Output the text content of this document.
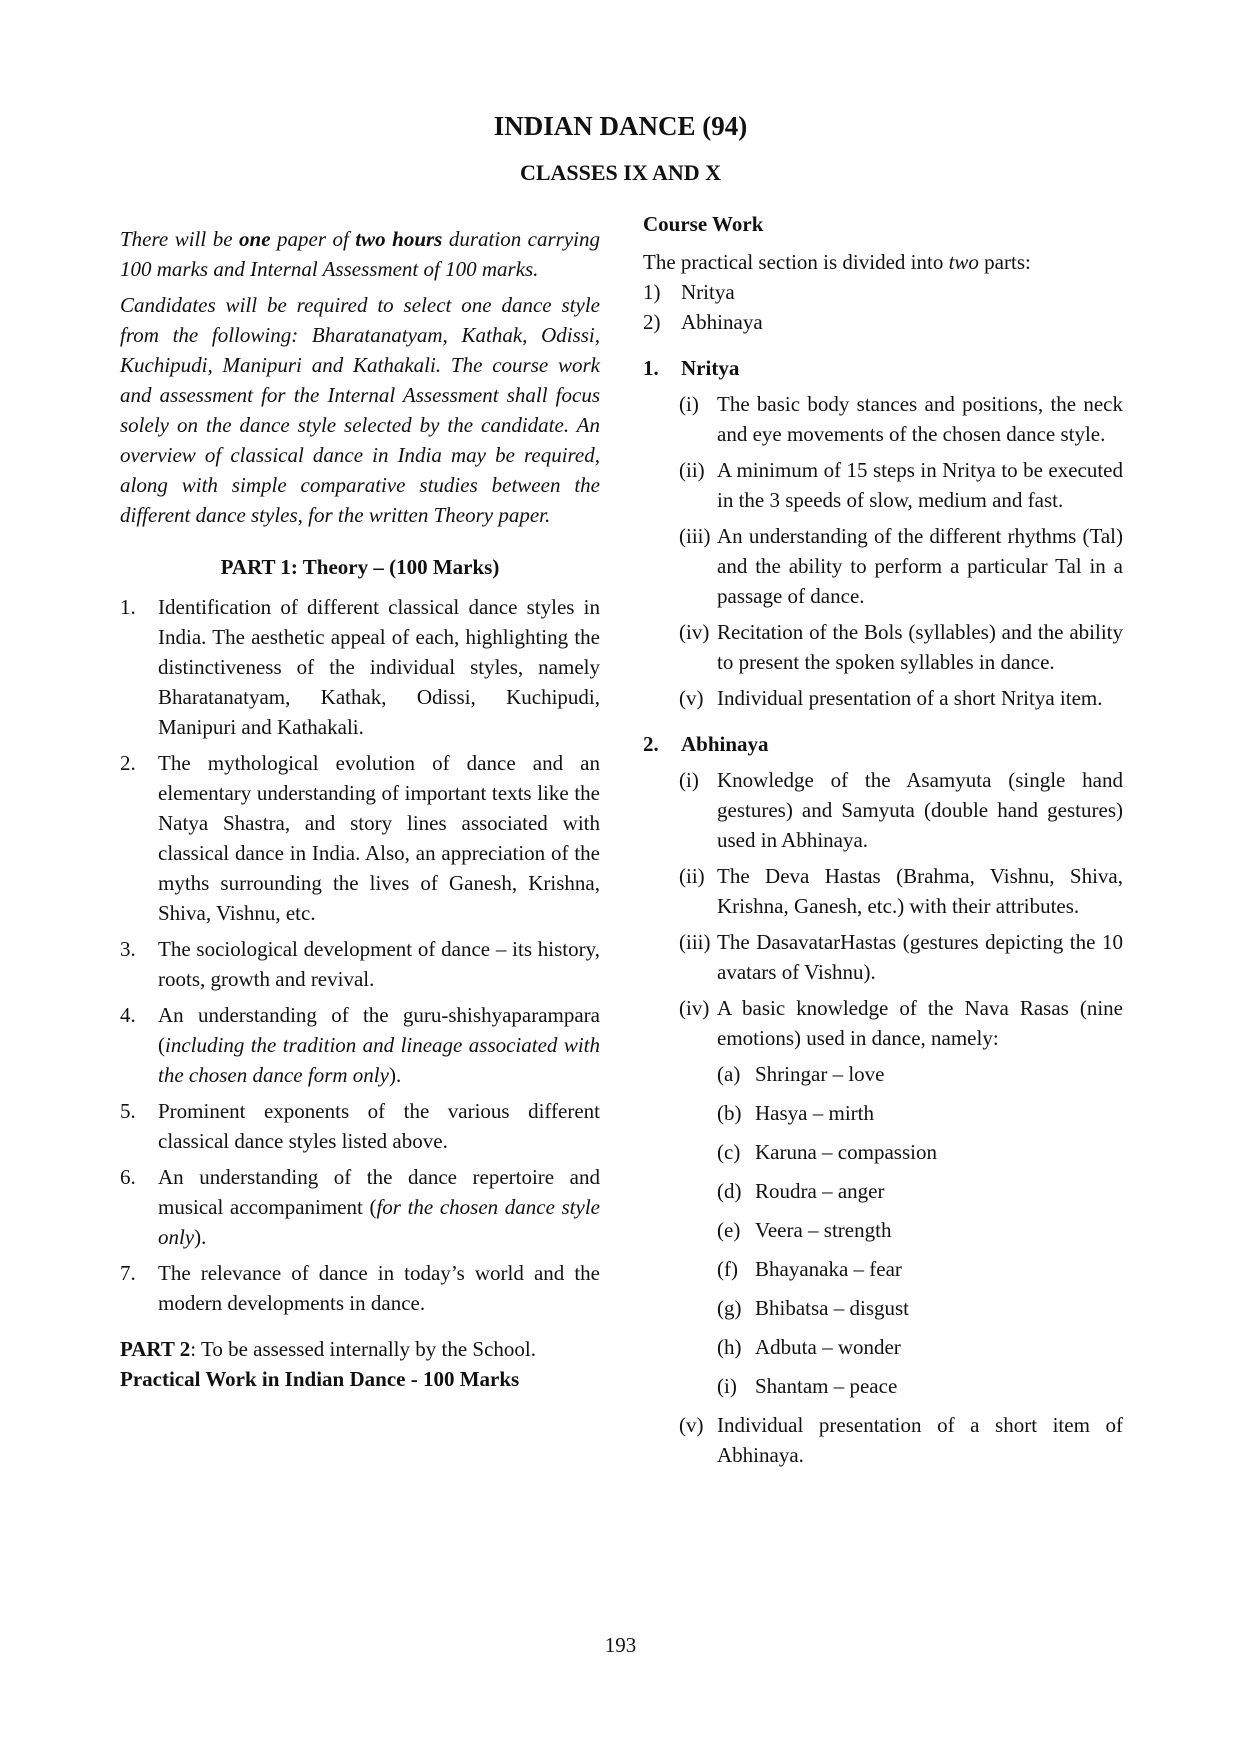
INDIAN DANCE (94)
CLASSES IX AND X

There will be one paper of two hours duration carrying 100 marks and Internal Assessment of 100 marks.

Candidates will be required to select one dance style from the following: Bharatanatyam, Kathak, Odissi, Kuchipudi, Manipuri and Kathakali. The course work and assessment for the Internal Assessment shall focus solely on the dance style selected by the candidate. An overview of classical dance in India may be required, along with simple comparative studies between the different dance styles, for the written Theory paper.

PART 1: Theory – (100 Marks)
1.	Identification of different classical dance styles in India. The aesthetic appeal of each, highlighting the distinctiveness of the individual styles, namely Bharatanatyam, Kathak, Odissi, Kuchipudi, Manipuri and Kathakali.
2.	The mythological evolution of dance and an elementary understanding of important texts like the Natya Shastra, and story lines associated with classical dance in India. Also, an appreciation of the myths surrounding the lives of Ganesh, Krishna, Shiva, Vishnu, etc.
3.	The sociological development of dance – its history, roots, growth and revival.
4.	An understanding of the guru-shishyaparampara (including the tradition and lineage associated with the chosen dance form only).
5.	Prominent exponents of the various different classical dance styles listed above.
6.	An understanding of the dance repertoire and musical accompaniment (for the chosen dance style only).
7.	The relevance of dance in today’s world and the modern developments in dance.

PART 2: To be assessed internally by the School.

Practical Work in Indian Dance - 100 Marks

Course Work

The practical section is divided into two parts:

1) Nritya
2) Abhinaya
1.	Nritya
(i) The basic body stances and positions, the neck and eye movements of the chosen dance style.
(ii) A minimum of 15 steps in Nritya to be executed in the 3 speeds of slow, medium and fast.
(iii) An understanding of the different rhythms (Tal) and the ability to perform a particular Tal in a passage of dance.
(iv) Recitation of the Bols (syllables) and the ability to present the spoken syllables in dance.
(v) Individual presentation of a short Nritya item.
2.	Abhinaya
(i) Knowledge of the Asamyuta (single hand gestures) and Samyuta (double hand gestures) used in Abhinaya.
(ii) The Deva Hastas (Brahma, Vishnu, Shiva, Krishna, Ganesh, etc.) with their attributes.
(iii) The DasavatarHastas (gestures depicting the 10 avatars of Vishnu).
(iv) A basic knowledge of the Nava Rasas (nine emotions) used in dance, namely:
(a) Shringar – love
(b) Hasya – mirth
(c) Karuna – compassion
(d) Roudra – anger
(e) Veera – strength
(f) Bhayanaka – fear
(g) Bhibatsa – disgust
(h) Adbuta – wonder
(i) Shantam – peace
(v) Individual presentation of a short item of Abhinaya.
193
